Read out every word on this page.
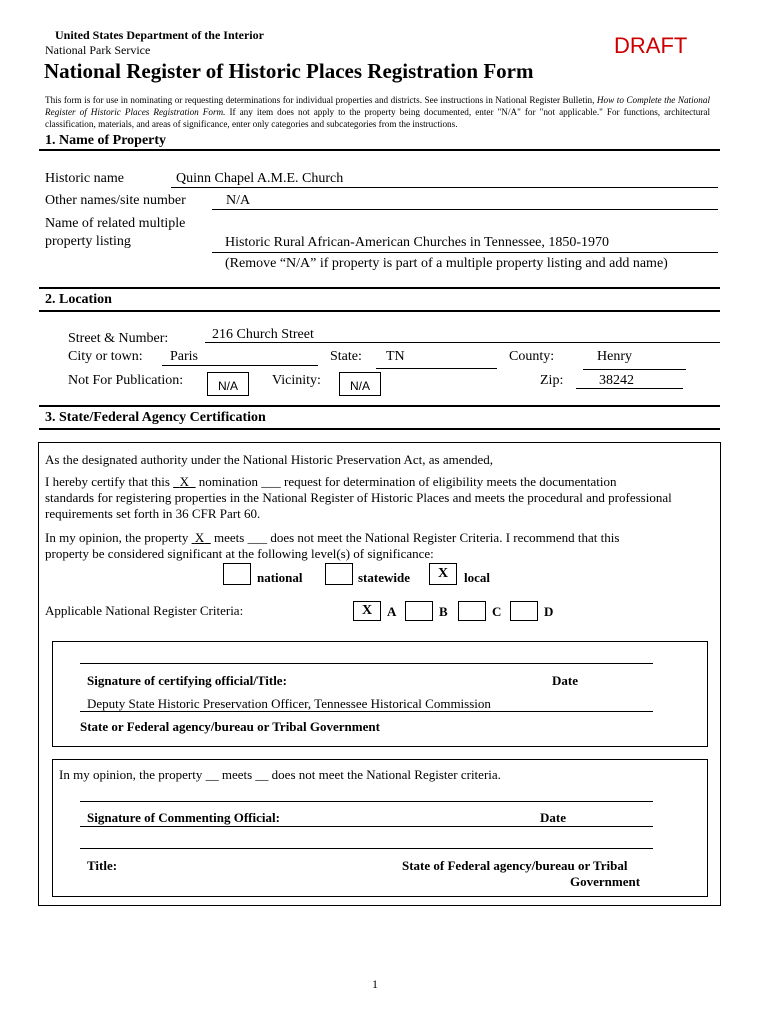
United States Department of the Interior
National Park Service	DRAFT
National Register of Historic Places Registration Form
This form is for use in nominating or requesting determinations for individual properties and districts. See instructions in National Register Bulletin, How to Complete the National Register of Historic Places Registration Form. If any item does not apply to the property being documented, enter "N/A" for "not applicable." For functions, architectural classification, materials, and areas of significance, enter only categories and subcategories from the instructions.
1. Name of Property
Historic name	Quinn Chapel A.M.E. Church
Other names/site number	N/A
Name of related multiple
property listing	Historic Rural African-American Churches in Tennessee, 1850-1970
(Remove “N/A” if property is part of a multiple property listing and add name)
2. Location
Street & Number:	216 Church Street
City or town: Paris	State: TN	County:	Henry
Not For Publication:	N/A	Vicinity:	N/A	Zip:	38242
3. State/Federal Agency Certification
As the designated authority under the National Historic Preservation Act, as amended,
I hereby certify that this X nomination ___ request for determination of eligibility meets the documentation
standards for registering properties in the National Register of Historic Places and meets the procedural and professional
requirements set forth in 36 CFR Part 60.
In my opinion, the property X meets ___ does not meet the National Register Criteria. I recommend that this
property be considered significant at the following level(s) of significance:
national	statewide	X	local
Applicable National Register Criteria:	X	A	B	C	D
Signature of certifying official/Title:	Date
Deputy State Historic Preservation Officer, Tennessee Historical Commission
State or Federal agency/bureau or Tribal Government
In my opinion, the property __ meets __ does not meet the National Register criteria.
Signature of Commenting Official:	Date
Title:	State of Federal agency/bureau or Tribal
Government
1
